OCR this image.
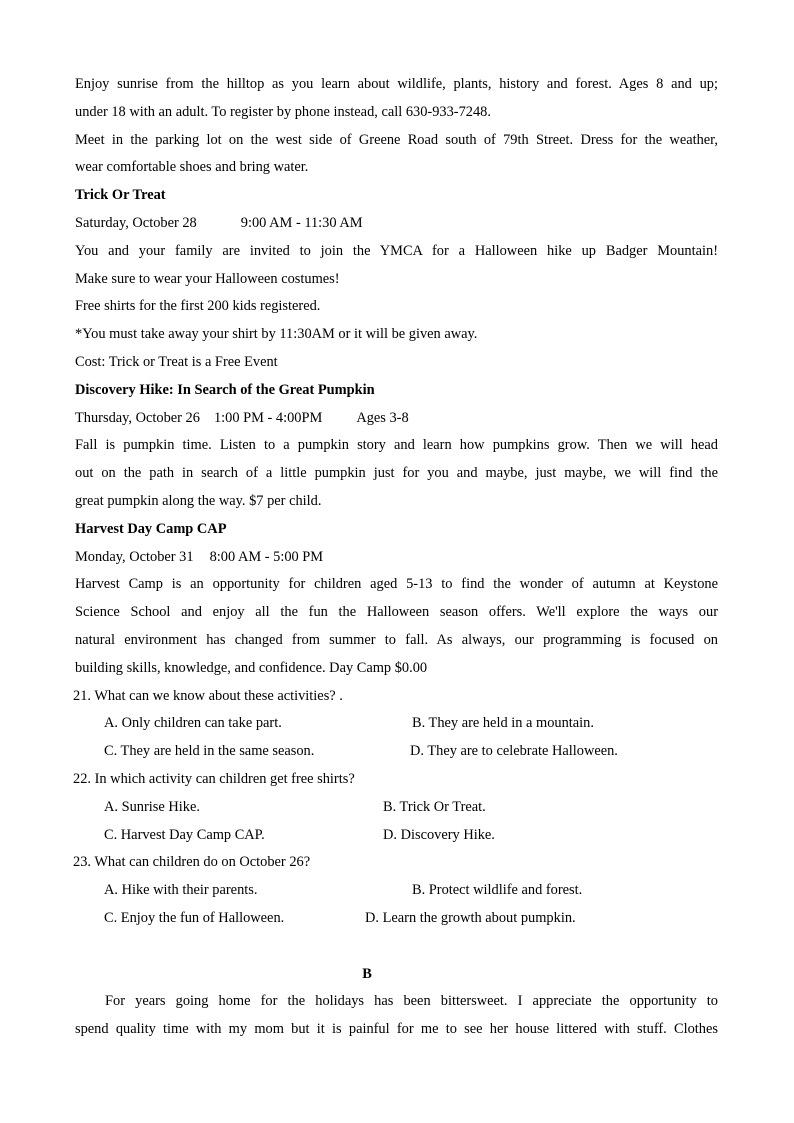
Enjoy sunrise from the hilltop as you learn about wildlife, plants, history and forest. Ages 8 and up;
under 18 with an adult. To register by phone instead, call 630-933-7248.
Meet in the parking lot on the west side of Greene Road south of 79th Street. Dress for the weather,
wear comfortable shoes and bring water.
Trick Or Treat
Saturday, October 28	9:00 AM - 11:30 AM
You and your family are invited to join the YMCA for a Halloween hike up Badger Mountain!
Make sure to wear your Halloween costumes!
Free shirts for the first 200 kids registered.
*You must take away your shirt by 11:30AM or it will be given away.
Cost: Trick or Treat is a Free Event
Discovery Hike: In Search of the Great Pumpkin
Thursday, October 26 1:00 PM - 4:00PM Ages 3-8
Fall is pumpkin time. Listen to a pumpkin story and learn how pumpkins grow. Then we will head
out on the path in search of a little pumpkin just for you and maybe, just maybe, we will find the
great pumpkin along the way. $7 per child.
Harvest Day Camp CAP
Monday, October 31 8:00 AM - 5:00 PM
Harvest Camp is an opportunity for children aged 5-13 to find the wonder of autumn at Keystone
Science School and enjoy all the fun the Halloween season offers. We'll explore the ways our
natural environment has changed from summer to fall. As always, our programming is focused on
building skills, knowledge, and confidence. Day Camp $0.00
21. What can we know about these activities? .
A. Only children can take part.	B. They are held in a mountain.
C. They are held in the same season.	D. They are to celebrate Halloween.
22. In which activity can children get free shirts?
A. Sunrise Hike.	B. Trick Or Treat.
C. Harvest Day Camp CAP.	D. Discovery Hike.
23. What can children do on October 26?
A. Hike with their parents.	B. Protect wildlife and forest.
C. Enjoy the fun of Halloween.	D. Learn the growth about pumpkin.
B
For years going home for the holidays has been bittersweet. I appreciate the opportunity to
spend quality time with my mom but it is painful for me to see her house littered with stuff. Clothes
